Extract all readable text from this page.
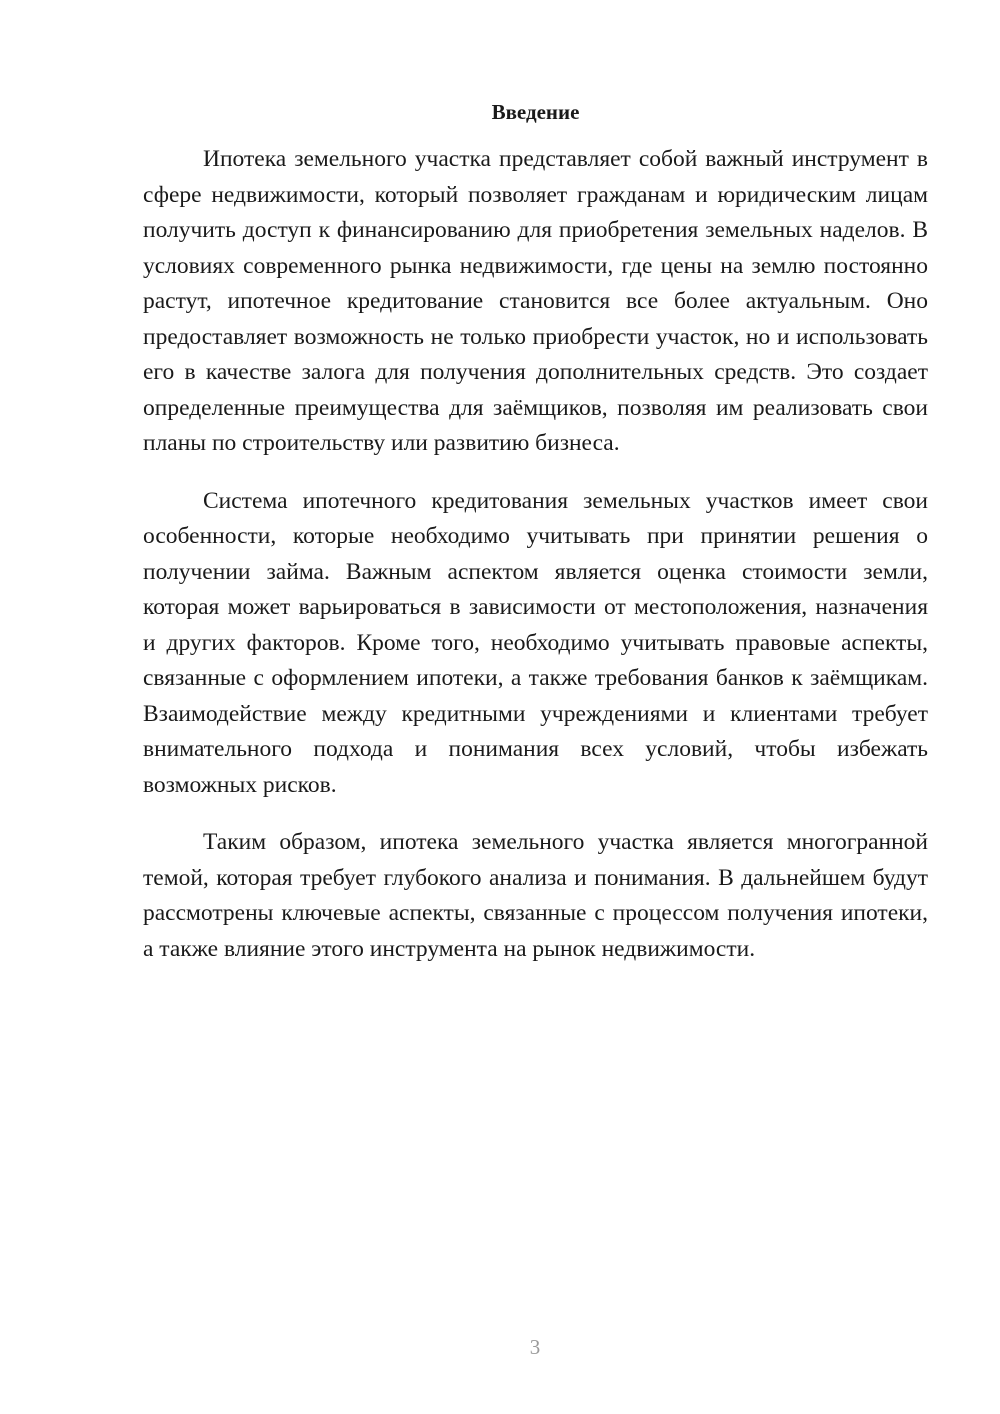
Введение

Ипотека земельного участка представляет собой важный инструмент в сфере недвижимости, который позволяет гражданам и юридическим лицам получить доступ к финансированию для приобретения земельных наделов. В условиях современного рынка недвижимости, где цены на землю постоянно растут, ипотечное кредитование становится все более актуальным. Оно предоставляет возможность не только приобрести участок, но и использовать его в качестве залога для получения дополнительных средств. Это создает определенные преимущества для заёмщиков, позволяя им реализовать свои планы по строительству или развитию бизнеса.

Система ипотечного кредитования земельных участков имеет свои особенности, которые необходимо учитывать при принятии решения о получении займа. Важным аспектом является оценка стоимости земли, которая может варьироваться в зависимости от местоположения, назначения и других факторов. Кроме того, необходимо учитывать правовые аспекты, связанные с оформлением ипотеки, а также требования банков к заёмщикам. Взаимодействие между кредитными учреждениями и клиентами требует внимательного подхода и понимания всех условий, чтобы избежать возможных рисков.

Таким образом, ипотека земельного участка является многогранной темой, которая требует глубокого анализа и понимания. В дальнейшем будут рассмотрены ключевые аспекты, связанные с процессом получения ипотеки, а также влияние этого инструмента на рынок недвижимости.

3
